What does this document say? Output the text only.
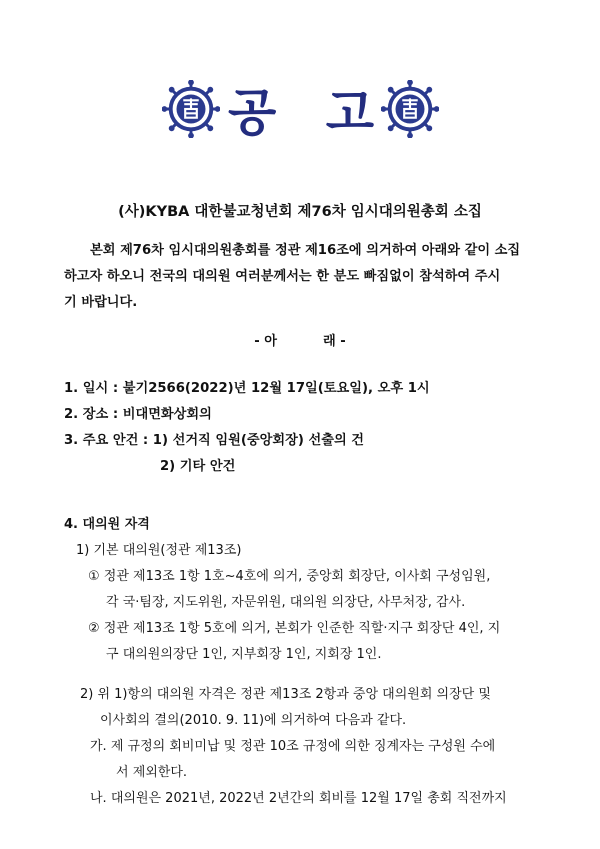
공 고
(사)KYBA 대한불교청년회 제76차 임시대의원총회 소집
본회 제76차 임시대의원총회를 정관 제16조에 의거하여 아래와 같이 소집
하고자 하오니 전국의 대의원 여러분께서는 한 분도 빠짐없이 참석하여 주시
기 바랍니다.
- 아          래 -
1. 일시 : 불기2566(2022)년 12월 17일(토요일), 오후 1시
2. 장소 : 비대면화상회의
3. 주요 안건 : 1) 선거직 임원(중앙회장) 선출의 건
2) 기타 안건
4. 대의원 자격
1) 기본 대의원(정관 제13조)
① 정관 제13조 1항 1호~4호에 의거, 중앙회 회장단, 이사회 구성임원,
각 국·팀장, 지도위원, 자문위원, 대의원 의장단, 사무처장, 감사.
② 정관 제13조 1항 5호에 의거, 본회가 인준한 직할·지구 회장단 4인, 지
구 대의원의장단 1인, 지부회장 1인, 지회장 1인.
2) 위 1)항의 대의원 자격은 정관 제13조 2항과 중앙 대의원회 의장단 및
이사회의 결의(2010. 9. 11)에 의거하여 다음과 같다.
가. 제 규정의 회비미납 및 정관 10조 규정에 의한 징계자는 구성원 수에
서 제외한다.
나. 대의원은 2021년, 2022년 2년간의 회비를 12월 17일 총회 직전까지
